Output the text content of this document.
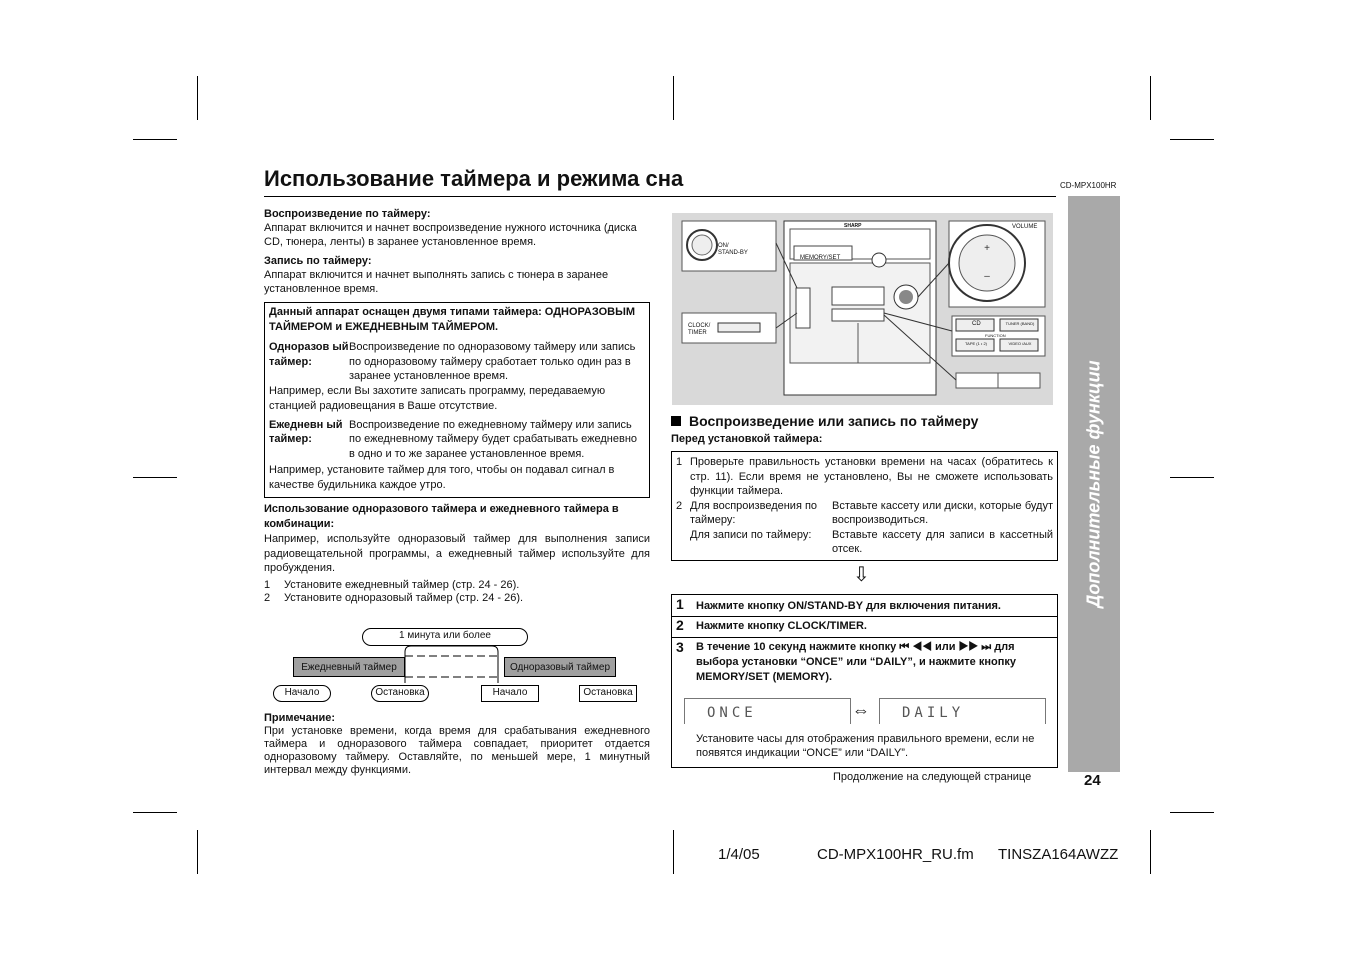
Использование таймера и режима сна	CD-MPX100HR
Дополнительные функции
24
Воспроизведение по таймеру:
Аппарат включится и начнет воспроизведение нужного источника (диска CD, тюнера, ленты) в заранее установленное время.
Запись по таймеру:
Аппарат включится и начнет выполнять запись с тюнера в заранее установленное время.
Данный аппарат оснащен двумя типами таймера: ОДНОРАЗОВЫМ ТАЙМЕРОМ и ЕЖЕДНЕВНЫМ ТАЙМЕРОМ.
Одноразов ый таймер:
Воспроизведение по одноразовому таймеру или запись по одноразовому таймеру сработает только один раз в заранее установленное время.
Например, если Вы захотите записать программу, передаваемую станцией радиовещания в Ваше отсутствие.
Ежедневн ый таймер:
Воспроизведение по ежедневному таймеру или запись по ежедневному таймеру будет срабатывать ежедневно в одно и то же заранее установленное время.
Например, установите таймер для того, чтобы он подавал сигнал в качестве будильника каждое утро.
Использование одноразового таймера и ежедневного таймера в комбинации:
Например, используйте одноразовый таймер для выполнения записи радиовещательной программы, а ежедневный таймер используйте для пробуждения.
1	Установите ежедневный таймер (стр. 24 - 26).
2	Установите одноразовый таймер (стр. 24 - 26).
1 минута или более
Ежедневный таймер	Одноразовый таймер
Начало	Остановка	Начало	Остановка
Примечание:
При установке времени, когда время для срабатывания ежедневного таймера и одноразового таймера совпадает, приоритет отдается одноразовому таймеру. Оставляйте, по меньшей мере, 1 минутный интервал между функциями.
+
–
ON/ STAND-BY
MEMORY/SET
CLOCK/ TIMER
VOLUME
SHARP
CD	TUNER (BAND)
TAPE (1 • 2)	VIDEO /AUX
FUNCTION
Воспроизведение или запись по таймеру
Перед установкой таймера:
1 Проверьте правильность установки времени на часах (обратитесь к стр. 11). Если время не установлено, Вы не сможете использовать функции таймера.
2 Для воспроизведения по таймеру:
Вставьте кассету или диски, которые будут воспроизводиться.
Для записи по таймеру:	Вставьте кассету для записи в кассетный отсек.
⇩
1 Нажмите кнопку ON/STAND-BY для включения питания.
2 Нажмите кнопку CLOCK/TIMER.
3 В течение 10 секунд нажмите кнопку ⏮ ◀◀ или ▶▶ ⏭ для выбора установки “ONCE” или “DAILY”, и нажмите кнопку MEMORY/SET (MEMORY).
ONCE	⇔	DAILY
Установите часы для отображения правильного времени, если не появятся индикации “ONCE” или “DAILY”.
Продолжение на следующей странице
1/4/05	CD-MPX100HR_RU.fm TINSZA164AWZZ
